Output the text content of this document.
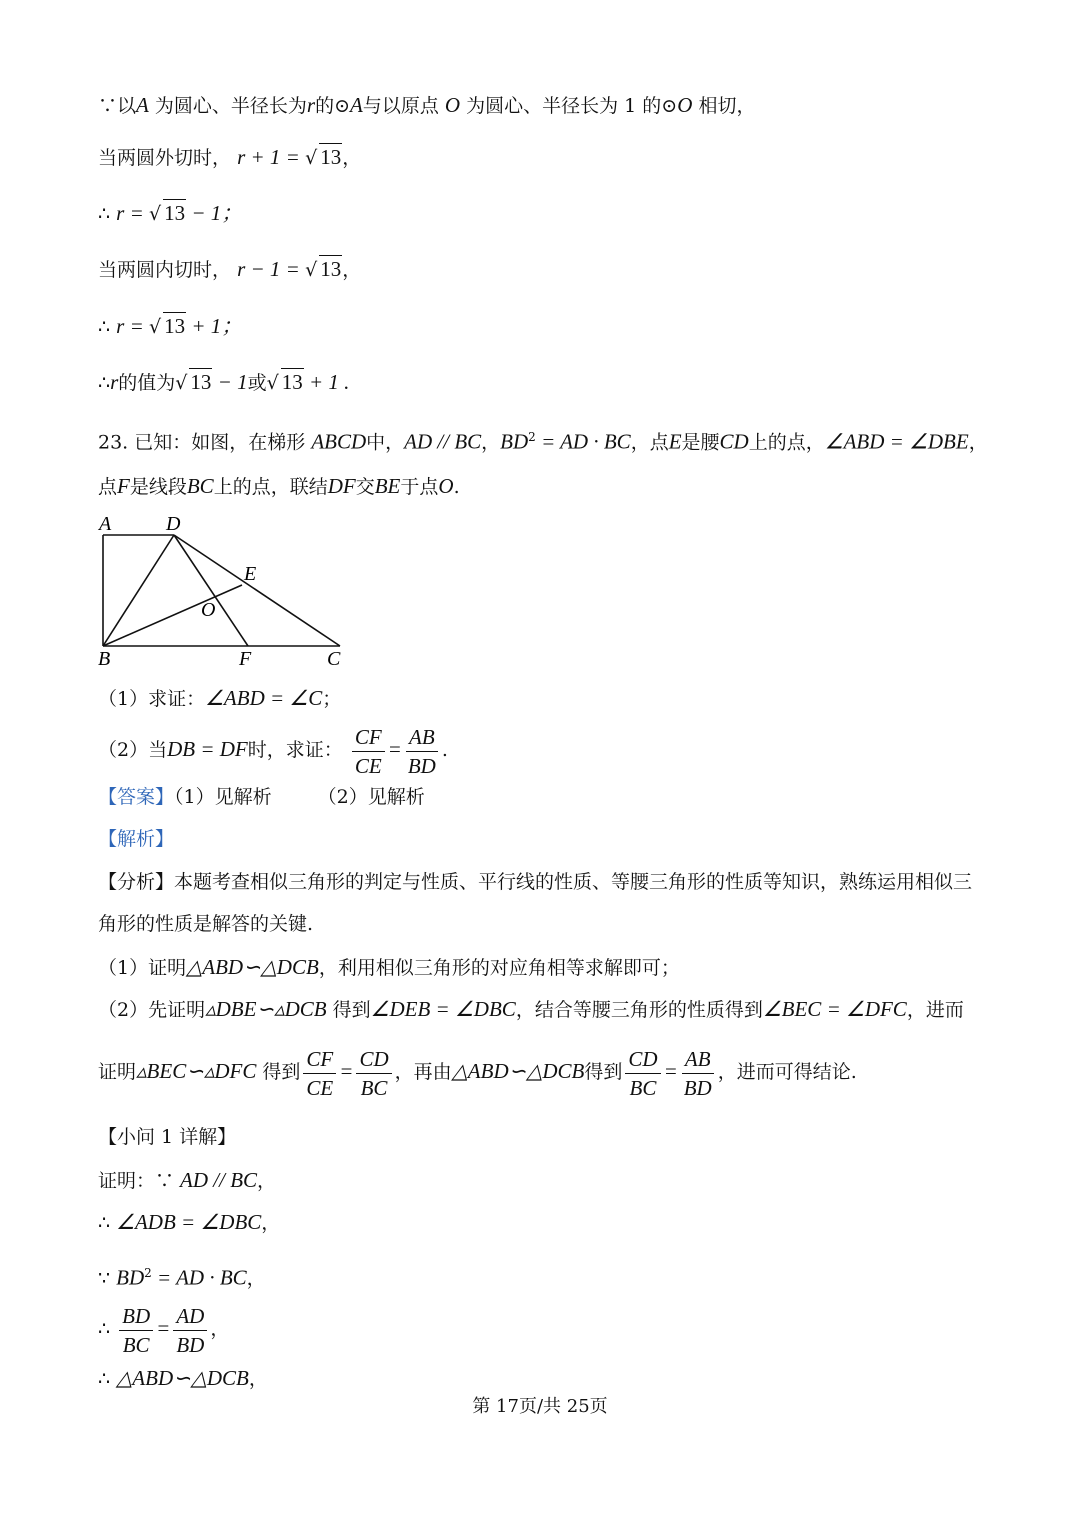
∵以A 为圆心、半径长为r的⊙A与以原点 O 为圆心、半径长为 1 的⊙O 相切，
当两圆外切时， r + 1 = √ 13，
∴ r = √ 13 − 1；
当两圆内切时， r − 1 = √ 13，
∴ r = √ 13 + 1；
∴r的值为√ 13 − 1或√ 13 + 1 .
23. 已知：如图，在梯形 ABCD中，AD // BC，$BD^2$ = AD · BC，点E是腰CD上的点，∠ABD = ∠DBE，
点F是线段BC上的点，联结DF交BE于点O.
A	D
E
O
B	F	C
（1）求证：∠ABD = ∠C；
（2）当DB = DF时，求证： $\frac{CF}{CE} = \frac{AB}{BD}$ .
【答案】（1）见解析 （2）见解析
【解析】
【分析】本题考查相似三角形的判定与性质、平行线的性质、等腰三角形的性质等知识，熟练运用相似三
角形的性质是解答的关键.
（1）证明△ABD∽△DCB，利用相似三角形的对应角相等求解即可；
（2）先证明▵DBE∽▵DCB 得到∠DEB = ∠DBC，结合等腰三角形的性质得到∠BEC = ∠DFC，进而
证明▵BEC∽▵DFC 得到 $\frac{CF}{CE} = \frac{CD}{BC}$ ，再由△ABD∽△DCB得到 $\frac{CD}{BC} = \frac{AB}{BD}$ ，进而可得结论.
【小问 1 详解】
证明：∵ AD // BC，
∴ ∠ADB = ∠DBC，
∵ $BD^2$ = AD · BC，
∴ $\frac{BD}{BC} = \frac{AD}{BD}$ ，
∴ △ABD∽△DCB，
第 17页/共 25页
